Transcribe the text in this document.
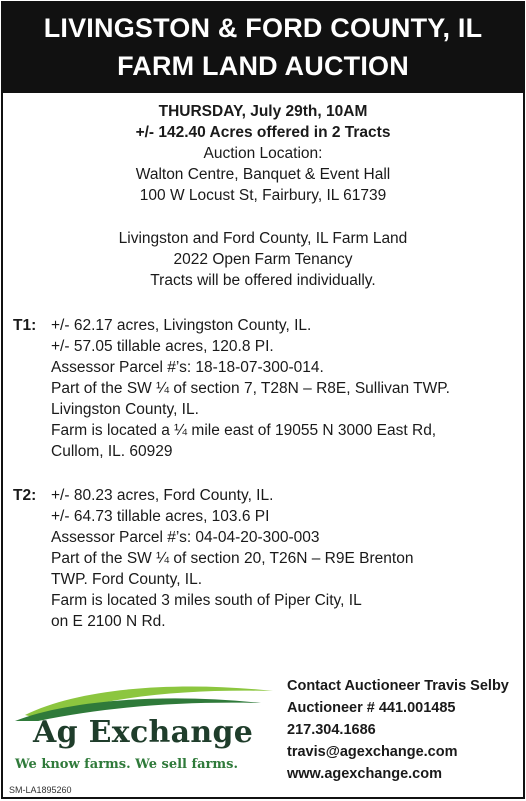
LIVINGSTON & FORD COUNTY, IL
FARM LAND AUCTION
THURSDAY, July 29th, 10AM
+/- 142.40 Acres offered in 2 Tracts
Auction Location:
Walton Centre, Banquet & Event Hall
100 W Locust St, Fairbury, IL 61739
Livingston and Ford County, IL Farm Land
2022 Open Farm Tenancy
Tracts will be offered individually.
T1: +/- 62.17 acres, Livingston County, IL.
+/- 57.05 tillable acres, 120.8 PI.
Assessor Parcel #’s: 18-18-07-300-014.
Part of the SW ¼ of section 7, T28N – R8E, Sullivan TWP.
Livingston County, IL.
Farm is located a ¼ mile east of 19055 N 3000 East Rd,
Cullom, IL. 60929
T2: +/- 80.23 acres, Ford County, IL.
+/- 64.73 tillable acres, 103.6 PI
Assessor Parcel #’s: 04-04-20-300-003
Part of the SW ¼ of section 20, T26N – R9E Brenton
TWP. Ford County, IL.
Farm is located 3 miles south of Piper City, IL
on E 2100 N Rd.
Ag Exchange
We know farms. We sell farms.
Contact Auctioneer Travis Selby
Auctioneer # 441.001485
217.304.1686
travis@agexchange.com
www.agexchange.com
SM-LA1895260
